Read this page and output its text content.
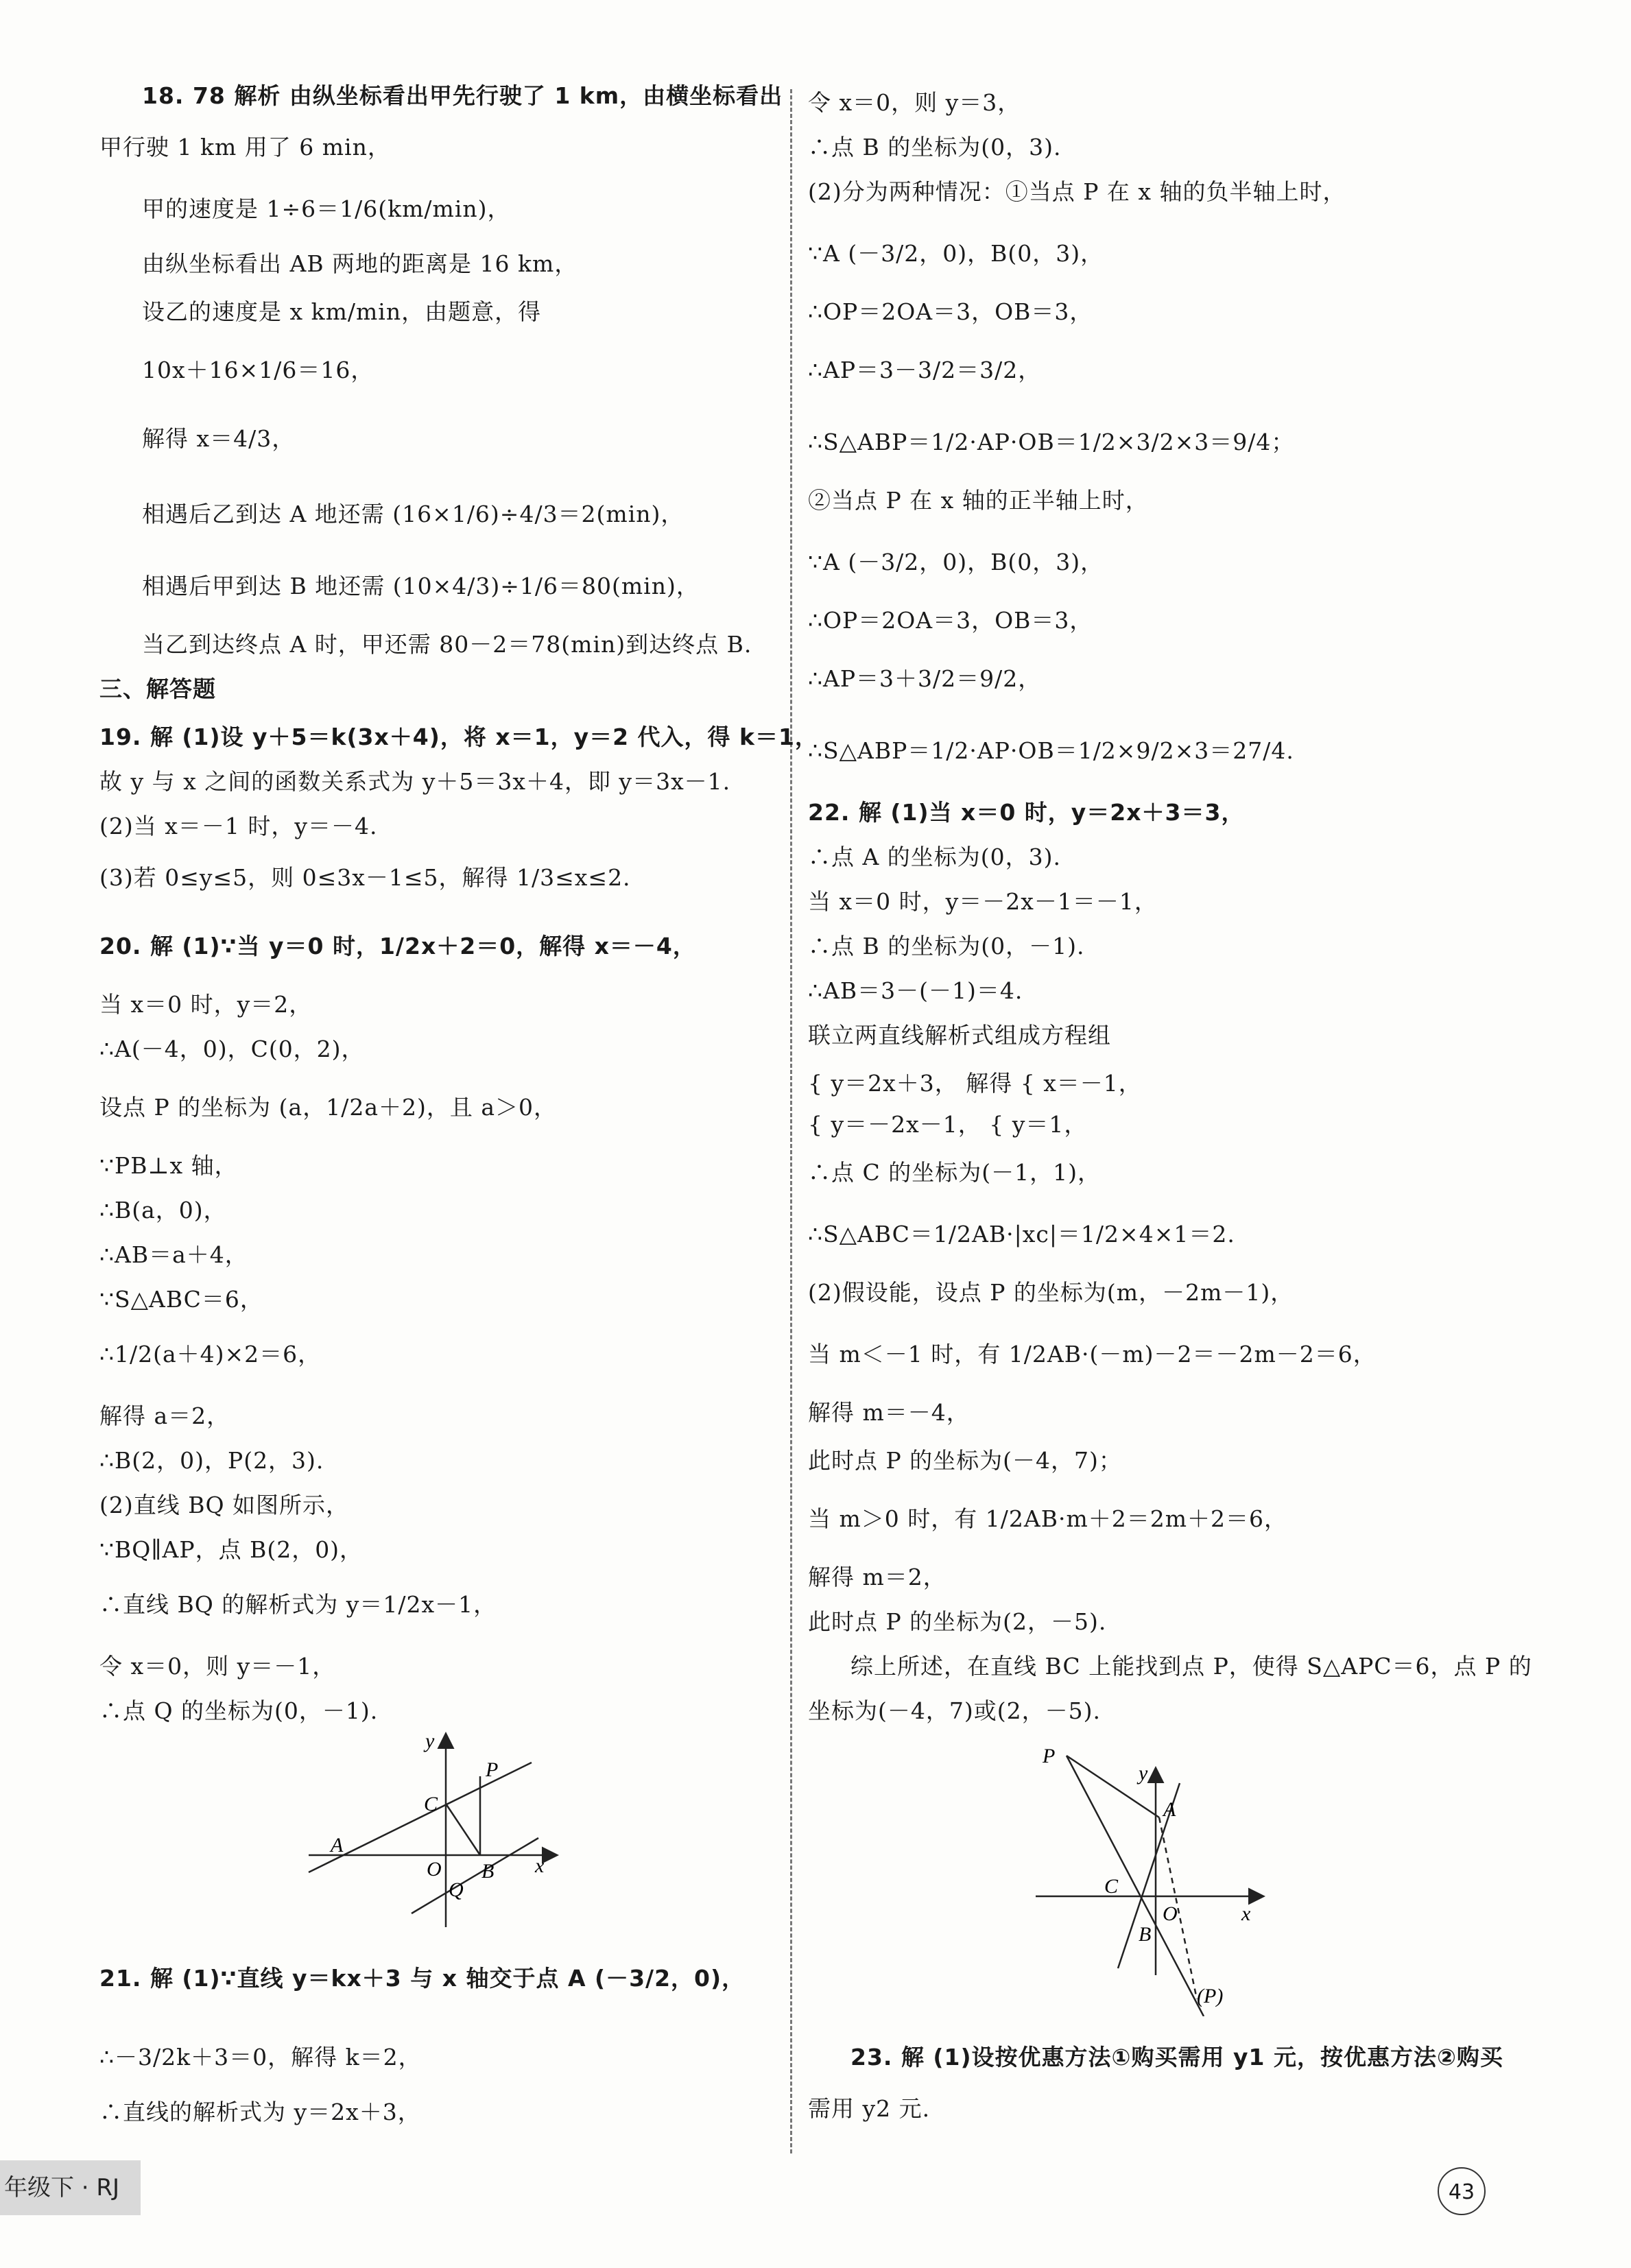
18. 78 解析 由纵坐标看出甲先行驶了 1 km，由横坐标看出
甲行驶 1 km 用了 6 min，
甲的速度是 1÷6＝1/6(km/min)，
由纵坐标看出 AB 两地的距离是 16 km，
设乙的速度是 x km/min，由题意，得
10x＋16×1/6＝16，
解得 x＝4/3，
相遇后乙到达 A 地还需 (16×1/6)÷4/3＝2(min)，
相遇后甲到达 B 地还需 (10×4/3)÷1/6＝80(min)，
当乙到达终点 A 时，甲还需 80－2＝78(min)到达终点 B.
三、解答题
19. 解 (1)设 y＋5＝k(3x＋4)，将 x＝1，y＝2 代入，得 k＝1，
故 y 与 x 之间的函数关系式为 y＋5＝3x＋4，即 y＝3x－1.
(2)当 x＝－1 时，y＝－4.
(3)若 0≤y≤5，则 0≤3x－1≤5，解得 1/3≤x≤2.
20. 解 (1)∵当 y＝0 时，1/2x＋2＝0，解得 x＝－4，
当 x＝0 时，y＝2，
∴A(－4，0)，C(0，2)，
设点 P 的坐标为 (a，1/2a＋2)，且 a＞0，
∵PB⊥x 轴，
∴B(a，0)，
∴AB＝a＋4，
∵S△ABC＝6，
∴1/2(a＋4)×2＝6，
解得 a＝2，
∴B(2，0)，P(2，3).
(2)直线 BQ 如图所示，
∵BQ∥AP，点 B(2，0)，
∴直线 BQ 的解析式为 y＝1/2x－1，
令 x＝0，则 y＝－1，
∴点 Q 的坐标为(0，－1).
21. 解 (1)∵直线 y＝kx＋3 与 x 轴交于点 A (－3/2，0)，
∴－3/2k＋3＝0，解得 k＝2，
∴直线的解析式为 y＝2x＋3，
令 x＝0，则 y＝3，
∴点 B 的坐标为(0，3).
(2)分为两种情况：①当点 P 在 x 轴的负半轴上时，
∵A (－3/2，0)，B(0，3)，
∴OP＝2OA＝3，OB＝3，
∴AP＝3－3/2＝3/2，
∴S△ABP＝1/2·AP·OB＝1/2×3/2×3＝9/4；
②当点 P 在 x 轴的正半轴上时，
∵A (－3/2，0)，B(0，3)，
∴OP＝2OA＝3，OB＝3，
∴AP＝3＋3/2＝9/2，
∴S△ABP＝1/2·AP·OB＝1/2×9/2×3＝27/4.
22. 解 (1)当 x＝0 时，y＝2x＋3＝3，
∴点 A 的坐标为(0，3).
当 x＝0 时，y＝－2x－1＝－1，
∴点 B 的坐标为(0，－1).
∴AB＝3－(－1)＝4.
联立两直线解析式组成方程组
{ y＝2x＋3， 解得 { x＝－1，
{ y＝－2x－1， { y＝1，
∴点 C 的坐标为(－1，1)，
∴S△ABC＝1/2AB·|xc|＝1/2×4×1＝2.
(2)假设能，设点 P 的坐标为(m，－2m－1)，
当 m＜－1 时，有 1/2AB·(－m)－2＝－2m－2＝6，
解得 m＝－4，
此时点 P 的坐标为(－4，7)；
当 m＞0 时，有 1/2AB·m＋2＝2m＋2＝6，
解得 m＝2，
此时点 P 的坐标为(2，－5).
综上所述，在直线 BC 上能找到点 P，使得 S△APC＝6，点 P 的
坐标为(－4，7)或(2，－5).
23. 解 (1)设按优惠方法①购买需用 y1 元，按优惠方法②购买
需用 y2 元.
y
P
C
A
O B x
Q
P
y
A
C
O	x
B
(P)
年级下 · RJ	43
